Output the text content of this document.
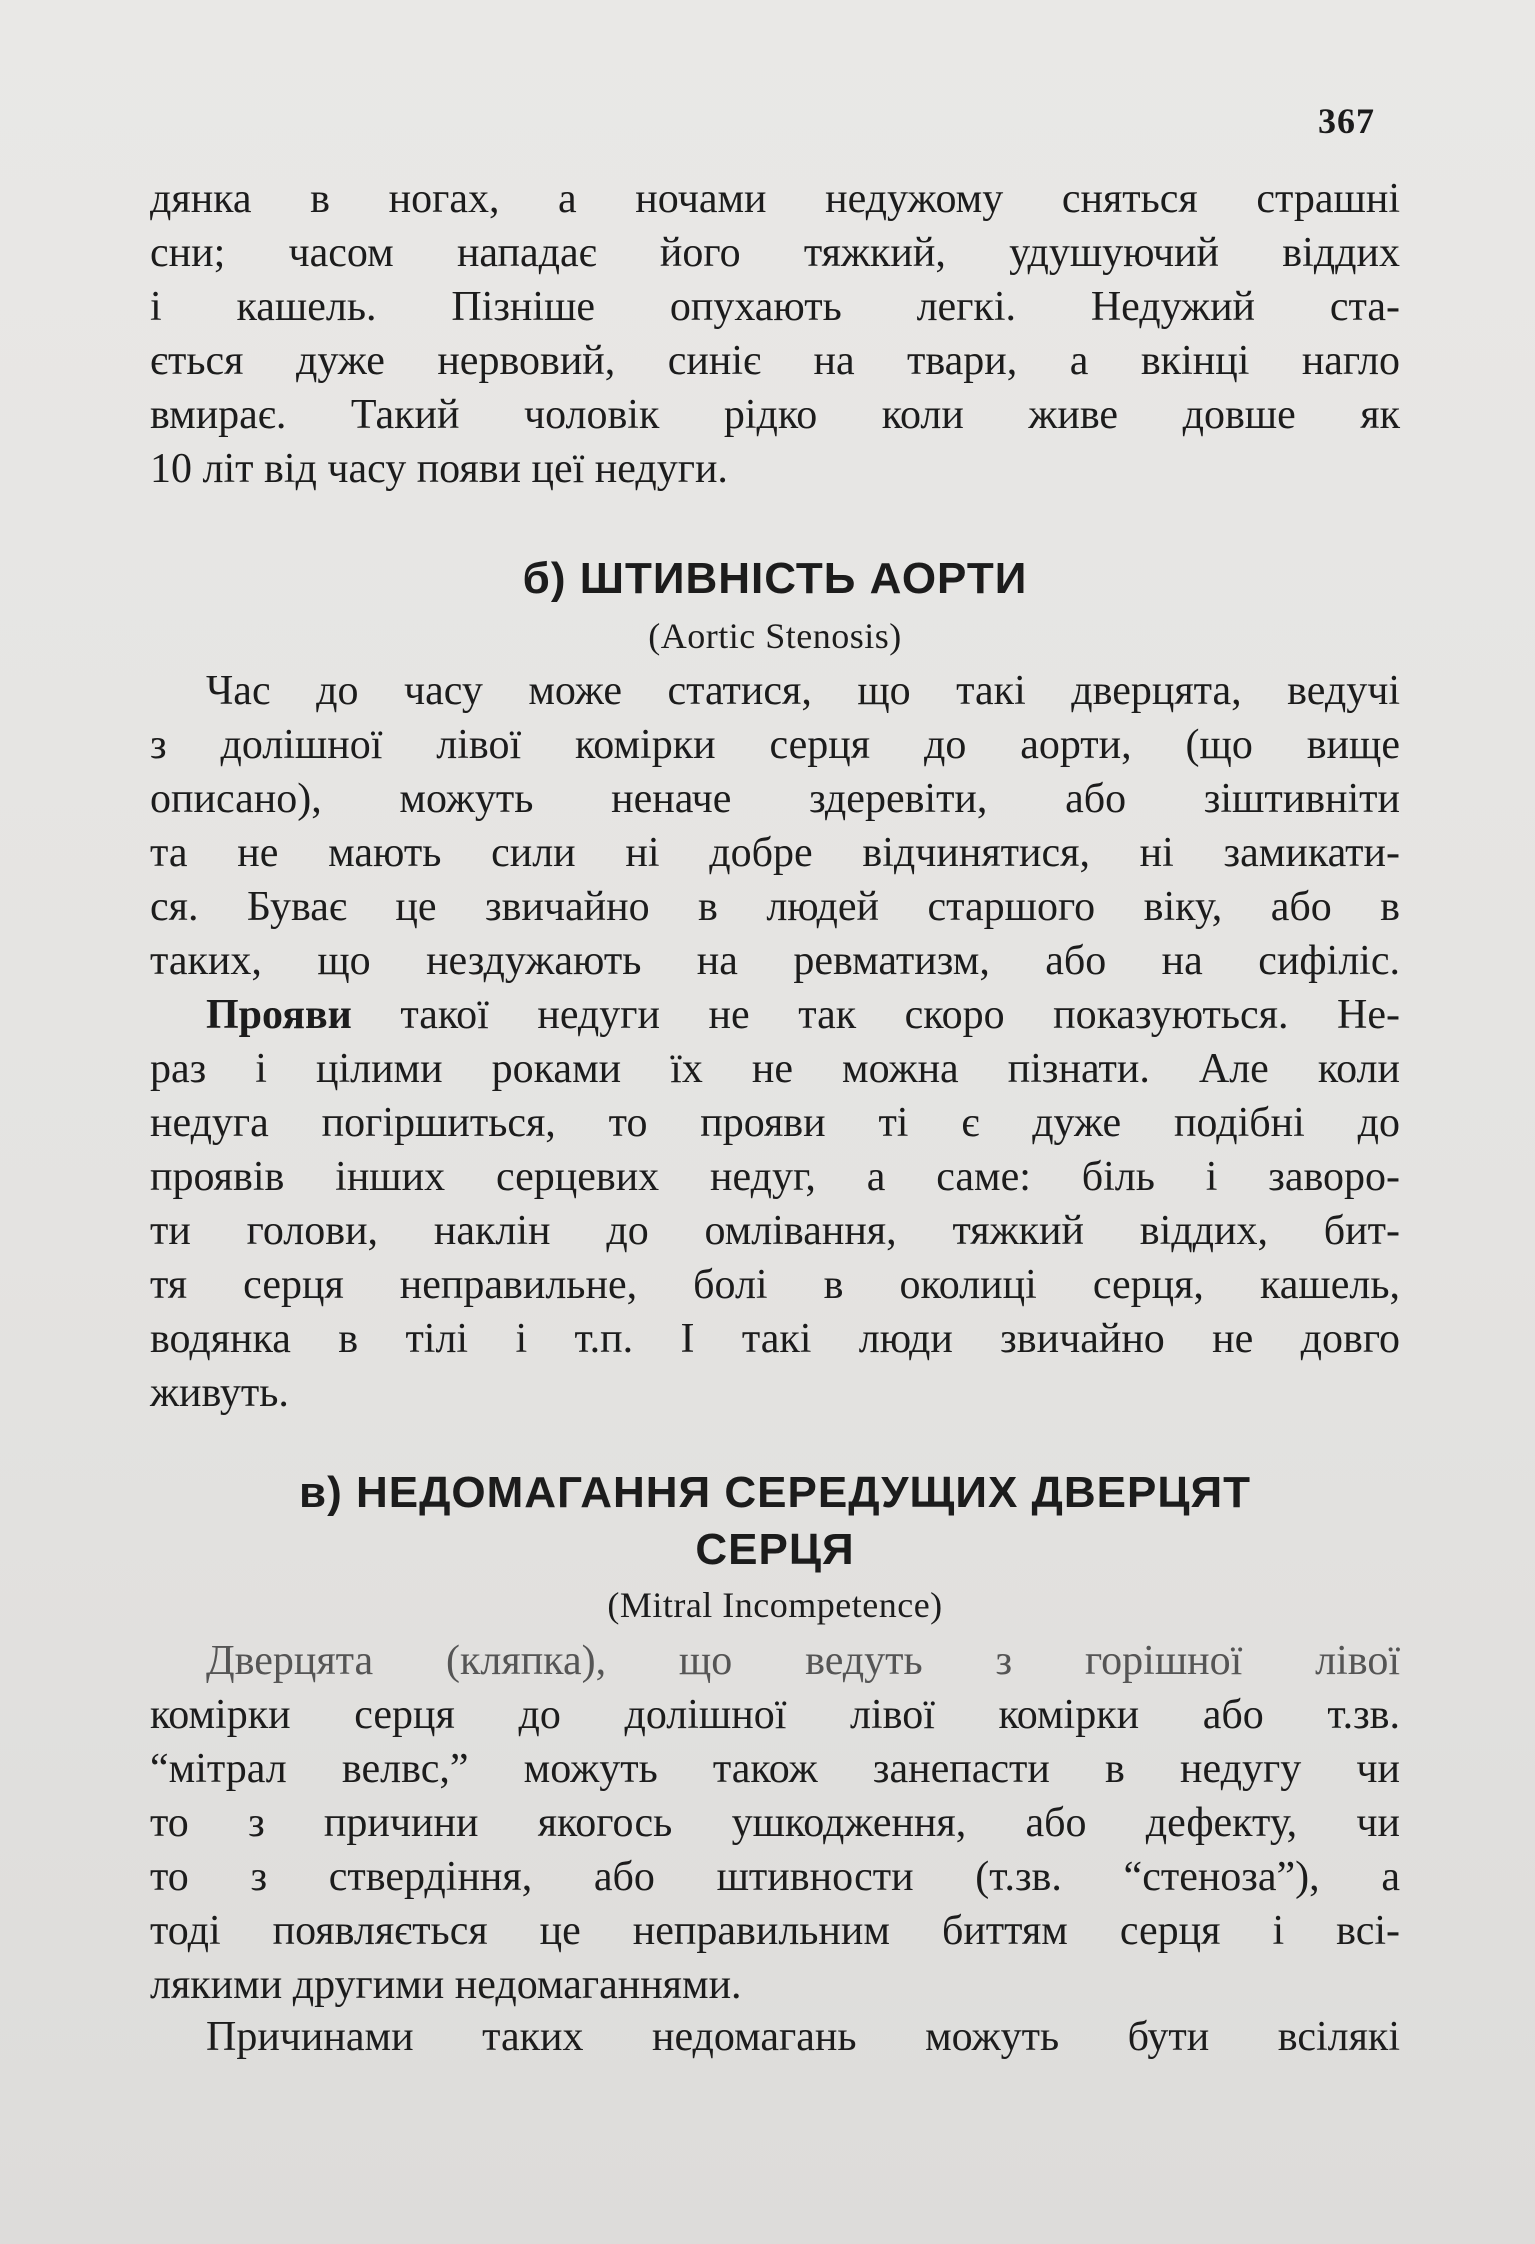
367
дянка в ногах, а ночами недужому сняться страшні
сни; часом нападає його тяжкий, удушуючий віддих
і кашель. Пізніше опухають легкі. Недужий ста-
ється дуже нервовий, синіє на твари, а вкінці нагло
вмирає. Такий чоловік рідко коли живе довше як
10 літ від часу появи цеї недуги.
б) ШТИВНІСТЬ АОРТИ
(Aortic Stenosis)
Час до часу може статися, що такі дверцята, ведучі
з долішної лівої комірки серця до аорти, (що вище
описано), можуть неначе здеревіти, або зіштивніти
та не мають сили ні добре відчинятися, ні замикати-
ся. Буває це звичайно в людей старшого віку, або в
таких, що нездужають на ревматизм, або на сифіліс.
Прояви такої недуги не так скоро показуються. Не-
раз і цілими роками їх не можна пізнати. Але коли
недуга погіршиться, то прояви ті є дуже подібні до
проявів інших серцевих недуг, а саме: біль і заворо-
ти голови, наклін до омлівання, тяжкий віддих, бит-
тя серця неправильне, болі в околиці серця, кашель,
водянка в тілі і т.п. І такі люди звичайно не довго
живуть.
в) НЕДОМАГАННЯ СЕРЕДУЩИХ ДВЕРЦЯТ
СЕРЦЯ
(Mitral Incompetence)
Дверцята (кляпка), що ведуть з горішної лівої
комірки серця до долішної лівої комірки або т.зв.
“мітрал велвс,” можуть також занепасти в недугу чи
то з причини якогось ушкодження, або дефекту, чи
то з ствердіння, або штивности (т.зв. “стеноза”), а
тоді появляється це неправильним биттям серця і всі-
лякими другими недомаганнями.
Причинами таких недомагань можуть бути всілякі
